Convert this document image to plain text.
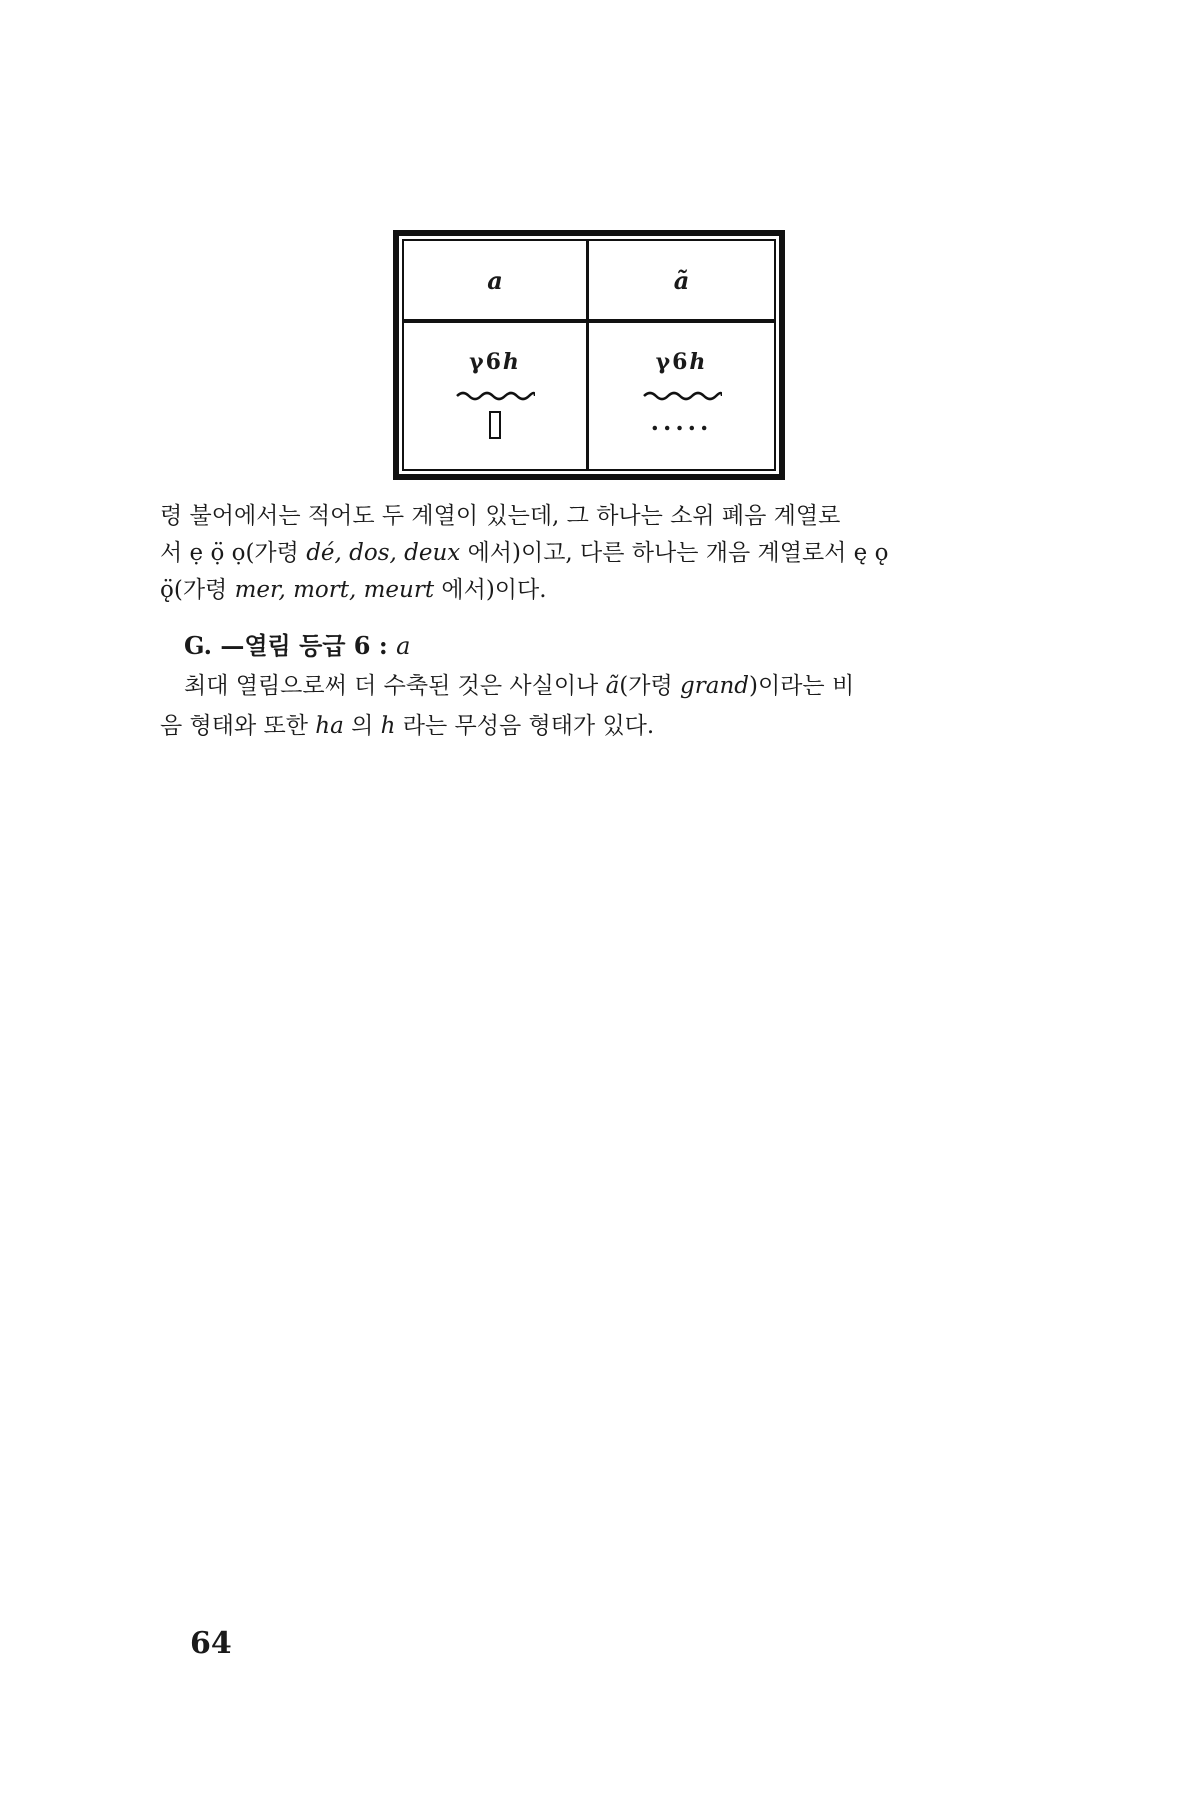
a	ã
γ6h	γ6h
.....
령 불어에서는 적어도 두 계열이 있는데, 그 하나는 소위 폐음 계열로
서 ẹ ọ̈ ọ(가령 dé, dos, deux 에서)이고, 다른 하나는 개음 계열로서 ę ǫ
ǫ̈(가령 mer, mort, meurt 에서)이다.
G. —열림 등급 6 : a
최대 열림으로써 더 수축된 것은 사실이나 ã(가령 grand)이라는 비
음 형태와 또한 ha 의 h 라는 무성음 형태가 있다.
64
